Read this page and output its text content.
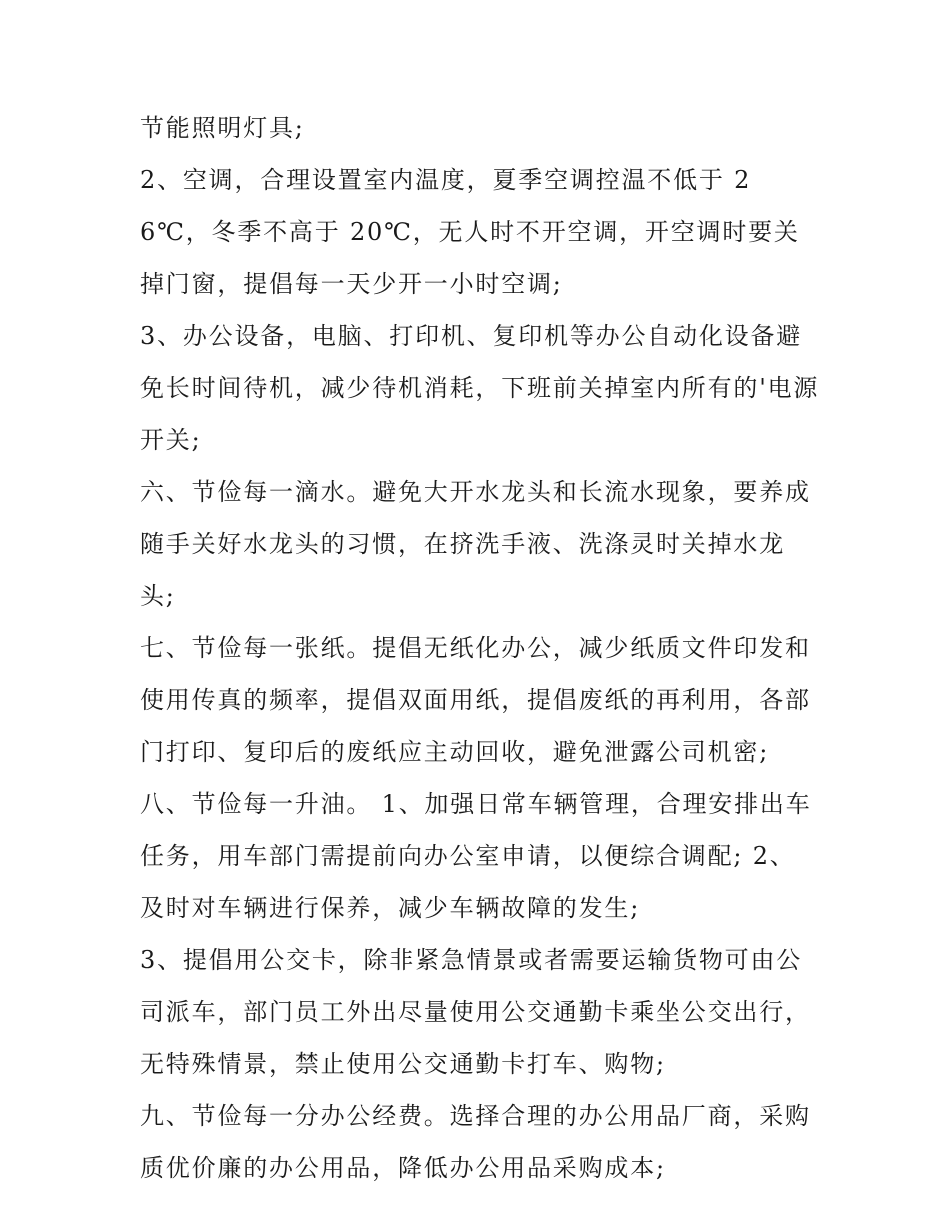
节能照明灯具;

2、空调，合理设置室内温度，夏季空调控温不低于 26℃，冬季不高于 20℃，无人时不开空调，开空调时要关掉门窗，提倡每一天少开一小时空调;

3、办公设备，电脑、打印机、复印机等办公自动化设备避免长时间待机，减少待机消耗，下班前关掉室内所有的'电源开关;

六、节俭每一滴水。避免大开水龙头和长流水现象，要养成随手关好水龙头的习惯，在挤洗手液、洗涤灵时关掉水龙头;

七、节俭每一张纸。提倡无纸化办公，减少纸质文件印发和使用传真的频率，提倡双面用纸，提倡废纸的再利用，各部门打印、复印后的废纸应主动回收，避免泄露公司机密;

八、节俭每一升油。 1、加强日常车辆管理，合理安排出车任务，用车部门需提前向办公室申请，以便综合调配; 2、及时对车辆进行保养，减少车辆故障的发生;

3、提倡用公交卡，除非紧急情景或者需要运输货物可由公司派车，部门员工外出尽量使用公交通勤卡乘坐公交出行，无特殊情景，禁止使用公交通勤卡打车、购物;

九、节俭每一分办公经费。选择合理的办公用品厂商，采购质优价廉的办公用品，降低办公用品采购成本;
